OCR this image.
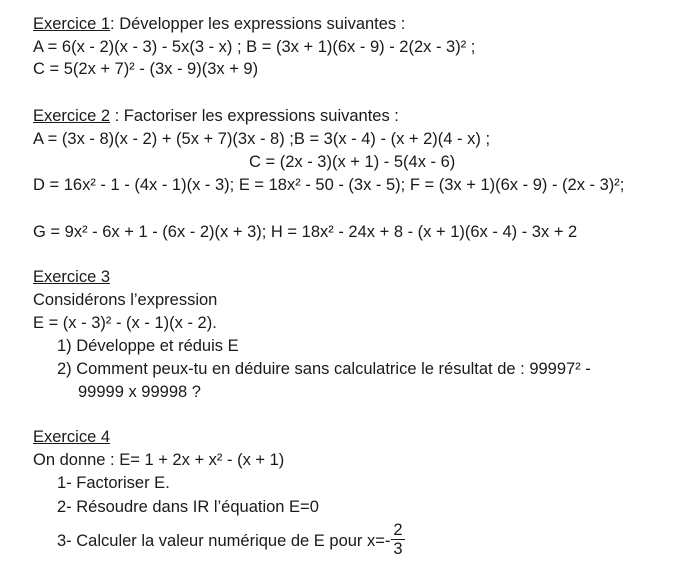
Exercice 1: Développer les expressions suivantes :
A = 6(x - 2)(x - 3) - 5x(3 - x) ; B = (3x + 1)(6x - 9) - 2(2x - 3)² ;
C = 5(2x + 7)² - (3x - 9)(3x + 9)
Exercice 2 : Factoriser les expressions suivantes :
A = (3x - 8)(x - 2) + (5x + 7)(3x - 8) ;B = 3(x - 4) - (x + 2)(4 - x) ;
C = (2x - 3)(x + 1) - 5(4x - 6)
D = 16x² - 1 - (4x - 1)(x - 3); E = 18x² - 50 - (3x - 5); F = (3x + 1)(6x - 9) - (2x - 3)²;
G = 9x² - 6x + 1 - (6x - 2)(x + 3); H = 18x² - 24x + 8 - (x + 1)(6x - 4) - 3x + 2
Exercice 3
Considérons l’expression
E = (x - 3)² - (x - 1)(x - 2).
1) Développe et réduis E
2) Comment peux-tu en déduire sans calculatrice le résultat de : 99997² -
99999 x 99998 ?
Exercice 4
On donne : E= 1 + 2x + x² - (x + 1)
1- Factoriser E.
2- Résoudre dans IR l’équation E=0
3- Calculer la valeur numérique de E pour $x=- \frac{2}{3}$
